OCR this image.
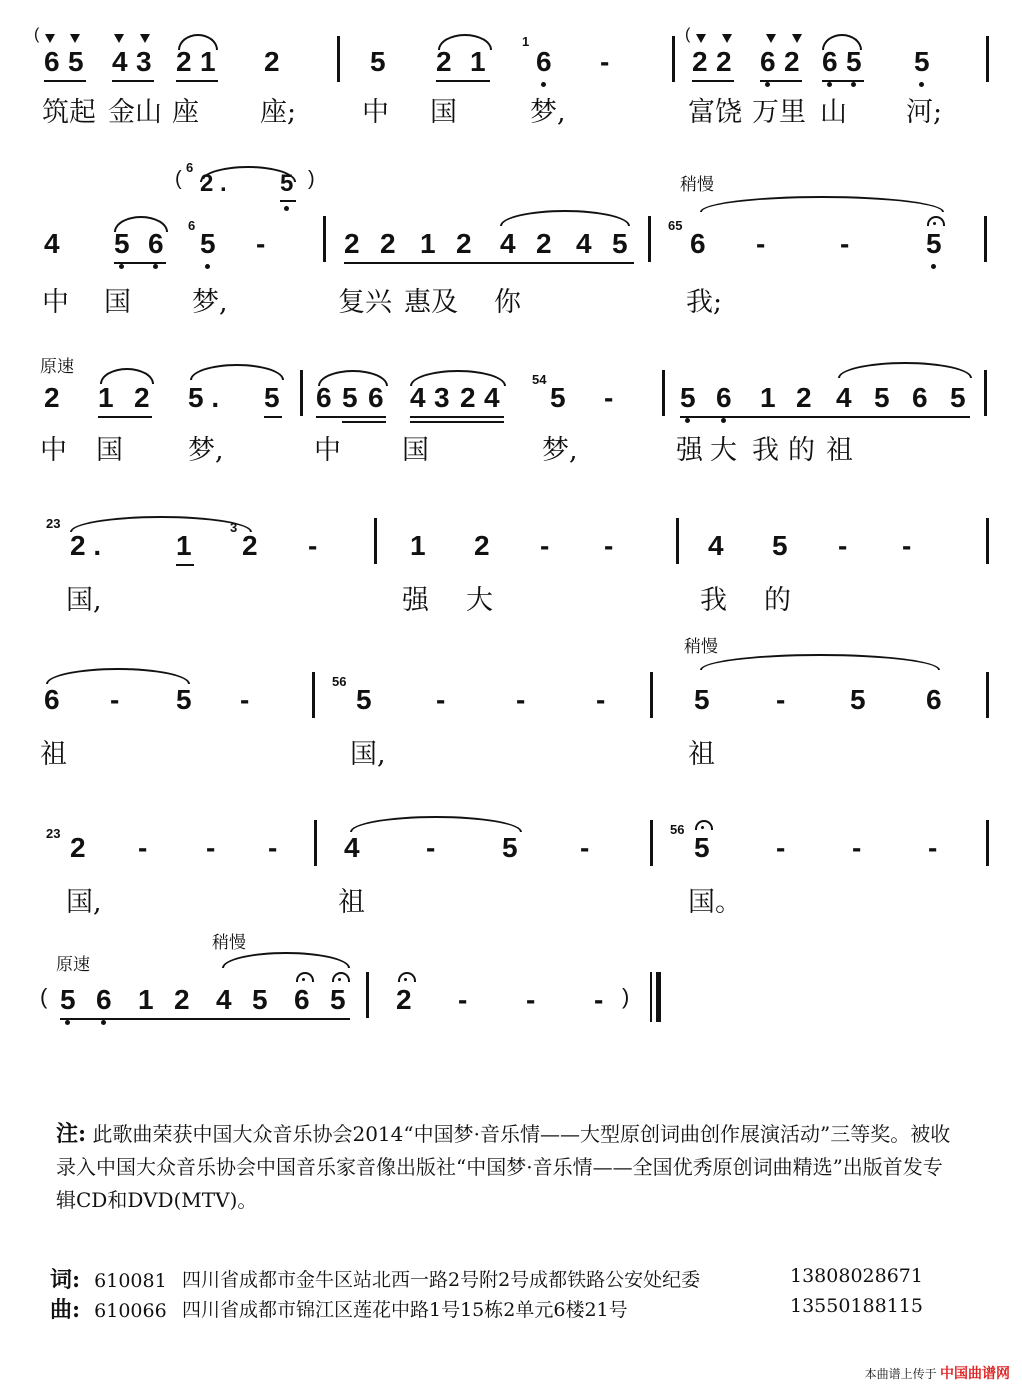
(
6 5 4 3 2 1 2	5 2 1
1
6 -
(
2 2 6 2 6 5 5
筑起 金山 座 座; 中 国	梦,	富饶 万里 山 河;
(
6
2 . 5 )	稍慢
4 5 6
6
5 -	2 2 1 2 4 2 4 5
65
6 -	-	5
中 国 梦,	复兴 惠及 你	我;
原速
2 1 2 5 . 5 6 5 6 4 3 2 4
54
5 - 5 6 1 2 4 5 6 5
中 国 梦,	中 国	梦,	强 大 我 的 祖
23
2 .	1
3
2 -	1 2 - -	4 5 - -
国,	强 大	我 的
稍慢
6 - 5 -
56
5 -	-	-	5 - 5 6
祖	国,	祖
23 2 - - - 4 - 5 -
56
5 - - -
国,	祖	国。
稍慢
原速
( 5 6 1 2 4 5 6 5 2 - - - )
注: 此歌曲荣获中国大众音乐协会2014“中国梦·音乐情——大型原创词曲创作展演活动”三等奖。被收录入中国大众音乐协会中国音乐家音像出版社“中国梦·音乐情——全国优秀原创词曲精选”出版首发专辑CD和DVD(MTV)。
词: 610081 四川省成都市金牛区站北西一路2号附2号成都铁路公安处纪委	13808028671
曲: 610066 四川省成都市锦江区莲花中路1号15栋2单元6楼21号	13550188115
本曲谱上传于 中国曲谱网
